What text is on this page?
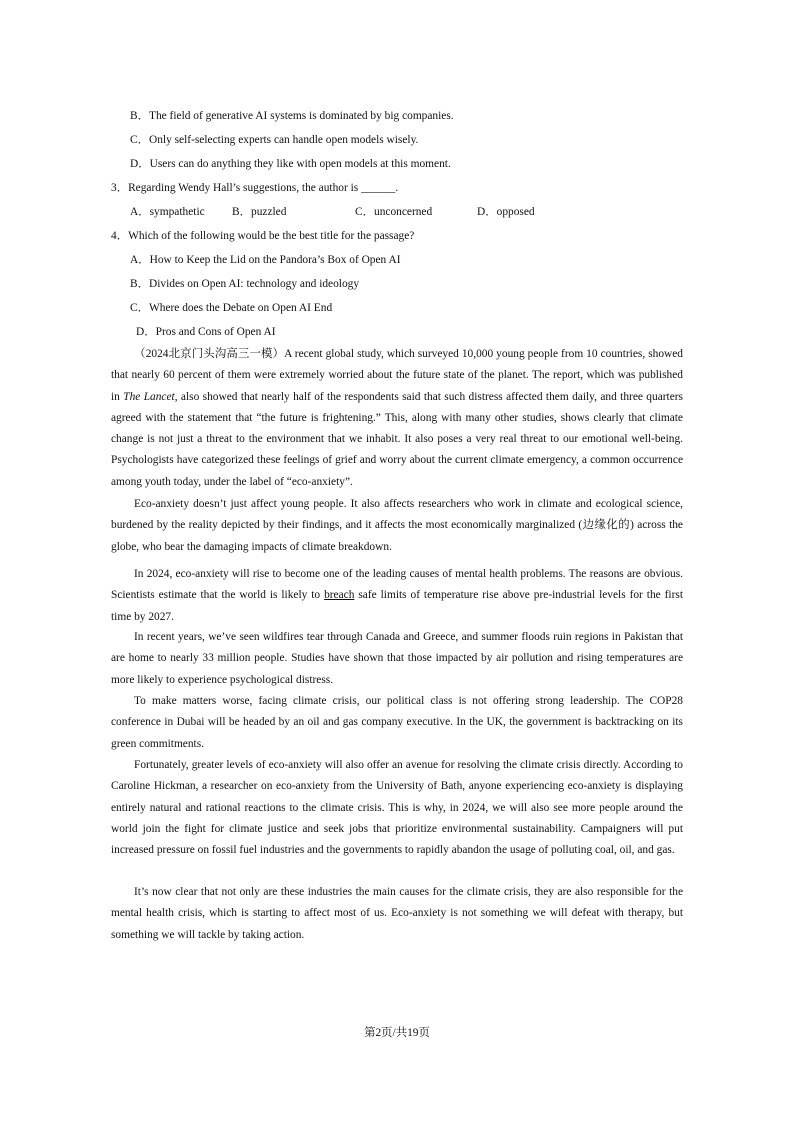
B．The field of generative AI systems is dominated by big companies.
C．Only self-selecting experts can handle open models wisely.
D．Users can do anything they like with open models at this moment.
3．Regarding Wendy Hall’s suggestions, the author is ______.
A．sympathetic B．puzzled	C．unconcerned	D．opposed
4．Which of the following would be the best title for the passage?
A．How to Keep the Lid on the Pandora’s Box of Open AI
B．Divides on Open AI: technology and ideology
C．Where does the Debate on Open AI End
D．Pros and Cons of Open AI

（2024北京门头沟高三一模）A recent global study, which surveyed 10,000 young people from 10 countries, showed that nearly 60 percent of them were extremely worried about the future state of the planet. The report, which was published in The Lancet, also showed that nearly half of the respondents said that such distress affected them daily, and three quarters agreed with the statement that “the future is frightening.” This, along with many other studies, shows clearly that climate change is not just a threat to the environment that we inhabit. It also poses a very real threat to our emotional well-being. Psychologists have categorized these feelings of grief and worry about the current climate emergency, a common occurrence among youth today, under the label of “eco-anxiety”.

Eco-anxiety doesn’t just affect young people. It also affects researchers who work in climate and ecological science, burdened by the reality depicted by their findings, and it affects the most economically marginalized (边缘化的) across the globe, who bear the damaging impacts of climate breakdown.

In 2024, eco-anxiety will rise to become one of the leading causes of mental health problems. The reasons are obvious. Scientists estimate that the world is likely to breach safe limits of temperature rise above pre-industrial levels for the first time by 2027.

In recent years, we’ve seen wildfires tear through Canada and Greece, and summer floods ruin regions in Pakistan that are home to nearly 33 million people. Studies have shown that those impacted by air pollution and rising temperatures are more likely to experience psychological distress.

To make matters worse, facing climate crisis, our political class is not offering strong leadership. The COP28 conference in Dubai will be headed by an oil and gas company executive. In the UK, the government is backtracking on its green commitments.

Fortunately, greater levels of eco-anxiety will also offer an avenue for resolving the climate crisis directly. According to Caroline Hickman, a researcher on eco-anxiety from the University of Bath, anyone experiencing eco-anxiety is displaying entirely natural and rational reactions to the climate crisis. This is why, in 2024, we will also see more people around the world join the fight for climate justice and seek jobs that prioritize environmental sustainability. Campaigners will put increased pressure on fossil fuel industries and the governments to rapidly abandon the usage of polluting coal, oil, and gas.

It’s now clear that not only are these industries the main causes for the climate crisis, they are also responsible for the mental health crisis, which is starting to affect most of us. Eco-anxiety is not something we will defeat with therapy, but something we will tackle by taking action.

第2页/共19页
